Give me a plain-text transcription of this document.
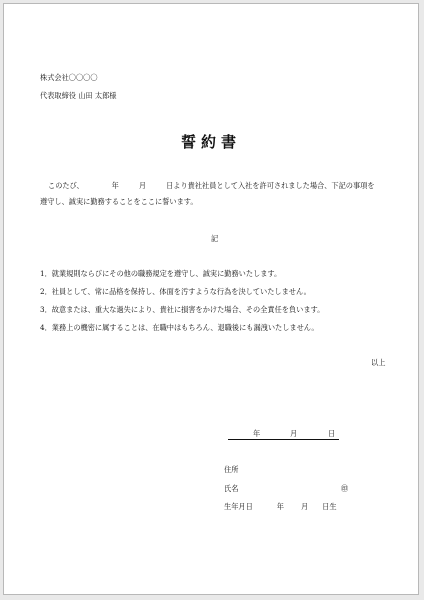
株式会社〇〇〇〇
代表取締役 山田 太郎様
誓約書
このたび、	年	月	日より貴社社員として入社を許可されました場合、下記の事項を
遵守し、誠実に勤務することをここに誓います。
記
1．就業規則ならびにその他の職務規定を遵守し、誠実に勤務いたします。
2．社員として、常に品格を保持し、体面を汚すような行為を決していたしません。
3．故意または、重大な過失により、貴社に損害をかけた場合、その全責任を負います。
4．業務上の機密に属することは、在職中はもちろん、退職後にも漏洩いたしません。
以上
年	月	日
住所
氏名	㊞
生年月日	年 月 日生
